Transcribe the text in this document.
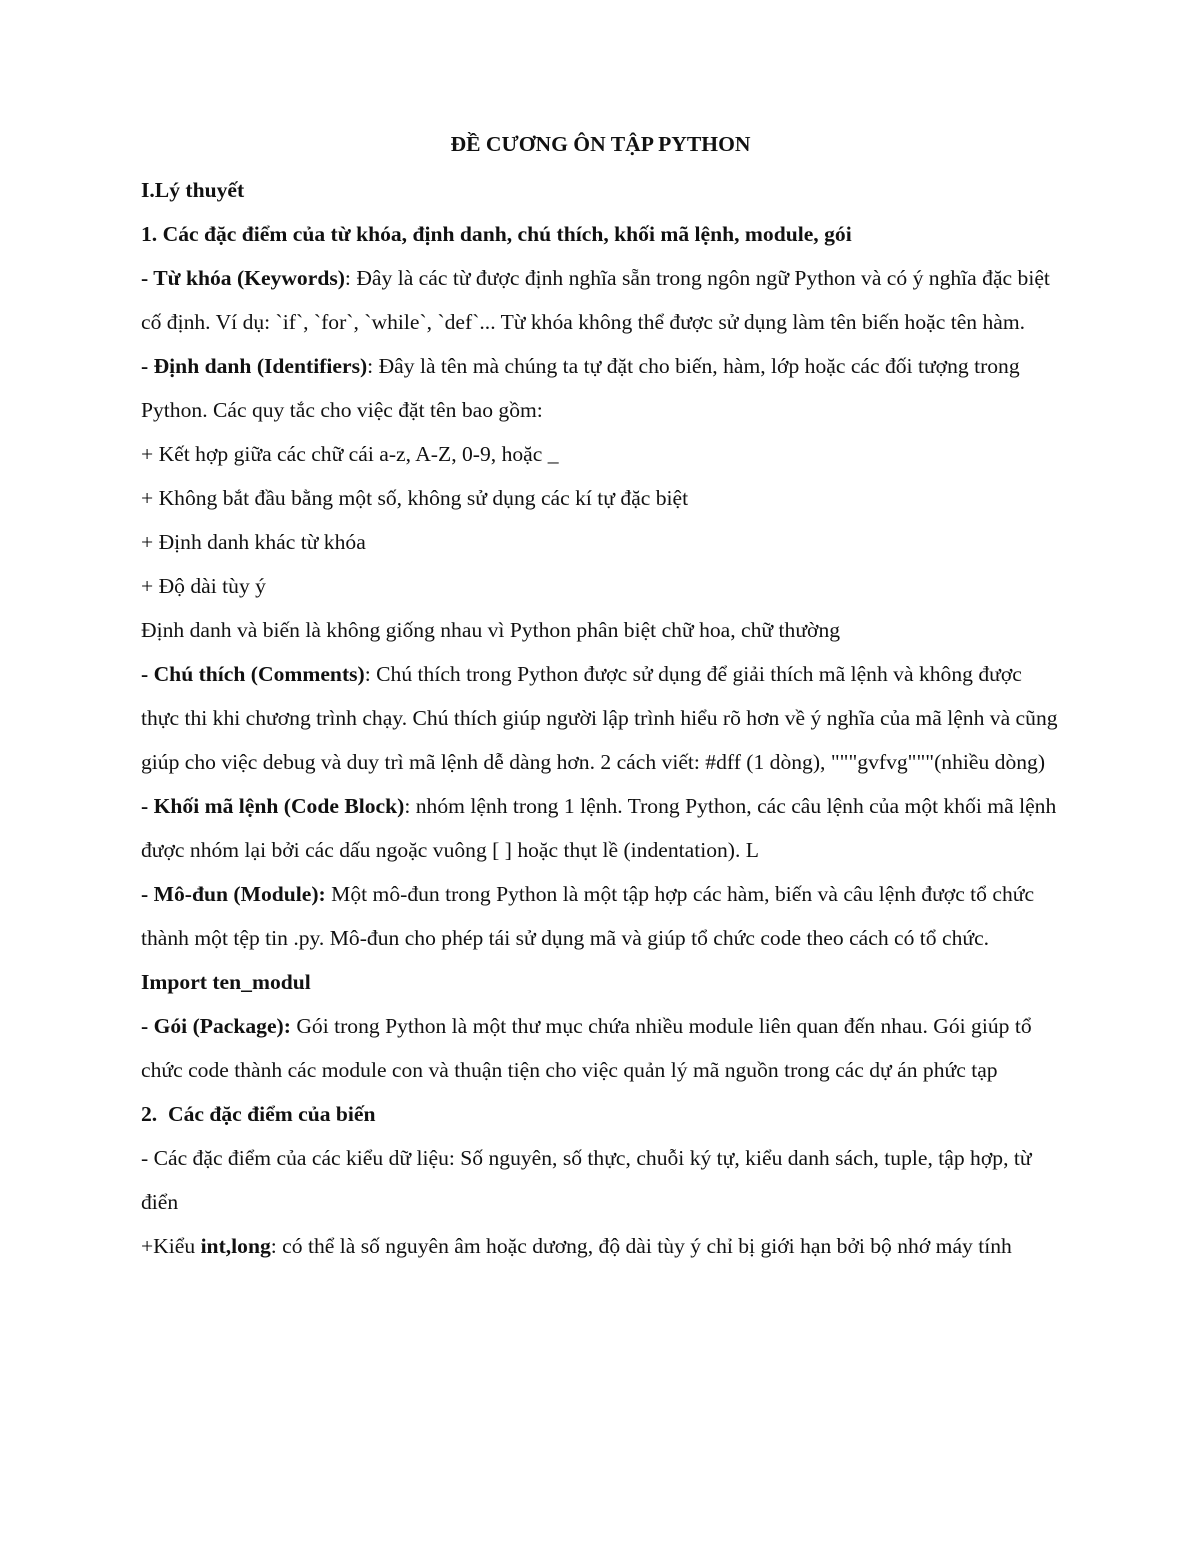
ĐỀ CƯƠNG ÔN TẬP PYTHON

I.Lý thuyết

1. Các đặc điểm của từ khóa, định danh, chú thích, khối mã lệnh, module, gói

- Từ khóa (Keywords): Đây là các từ được định nghĩa sẵn trong ngôn ngữ Python và có ý nghĩa đặc biệt cố định. Ví dụ: `if`, `for`, `while`, `def`... Từ khóa không thể được sử dụng làm tên biến hoặc tên hàm.

- Định danh (Identifiers): Đây là tên mà chúng ta tự đặt cho biến, hàm, lớp hoặc các đối tượng trong Python. Các quy tắc cho việc đặt tên bao gồm:

+ Kết hợp giữa các chữ cái a-z, A-Z, 0-9, hoặc _

+ Không bắt đầu bằng một số, không sử dụng các kí tự đặc biệt

+ Định danh khác từ khóa

+ Độ dài tùy ý

Định danh và biến là không giống nhau vì Python phân biệt chữ hoa, chữ thường

- Chú thích (Comments): Chú thích trong Python được sử dụng để giải thích mã lệnh và không được thực thi khi chương trình chạy. Chú thích giúp người lập trình hiểu rõ hơn về ý nghĩa của mã lệnh và cũng giúp cho việc debug và duy trì mã lệnh dễ dàng hơn. 2 cách viết: #dff (1 dòng), """gvfvg"""(nhiều dòng)

- Khối mã lệnh (Code Block): nhóm lệnh trong 1 lệnh. Trong Python, các câu lệnh của một khối mã lệnh được nhóm lại bởi các dấu ngoặc vuông [ ] hoặc thụt lề (indentation). L

- Mô-đun (Module): Một mô-đun trong Python là một tập hợp các hàm, biến và câu lệnh được tổ chức thành một tệp tin .py. Mô-đun cho phép tái sử dụng mã và giúp tổ chức code theo cách có tổ chức. Import ten_modul

- Gói (Package): Gói trong Python là một thư mục chứa nhiều module liên quan đến nhau. Gói giúp tổ chức code thành các module con và thuận tiện cho việc quản lý mã nguồn trong các dự án phức tạp

2.  Các đặc điểm của biến

- Các đặc điểm của các kiểu dữ liệu: Số nguyên, số thực, chuỗi ký tự, kiểu danh sách, tuple, tập hợp, từ điển

+Kiểu int,long: có thể là số nguyên âm hoặc dương, độ dài tùy ý chỉ bị giới hạn bởi bộ nhớ máy tính
